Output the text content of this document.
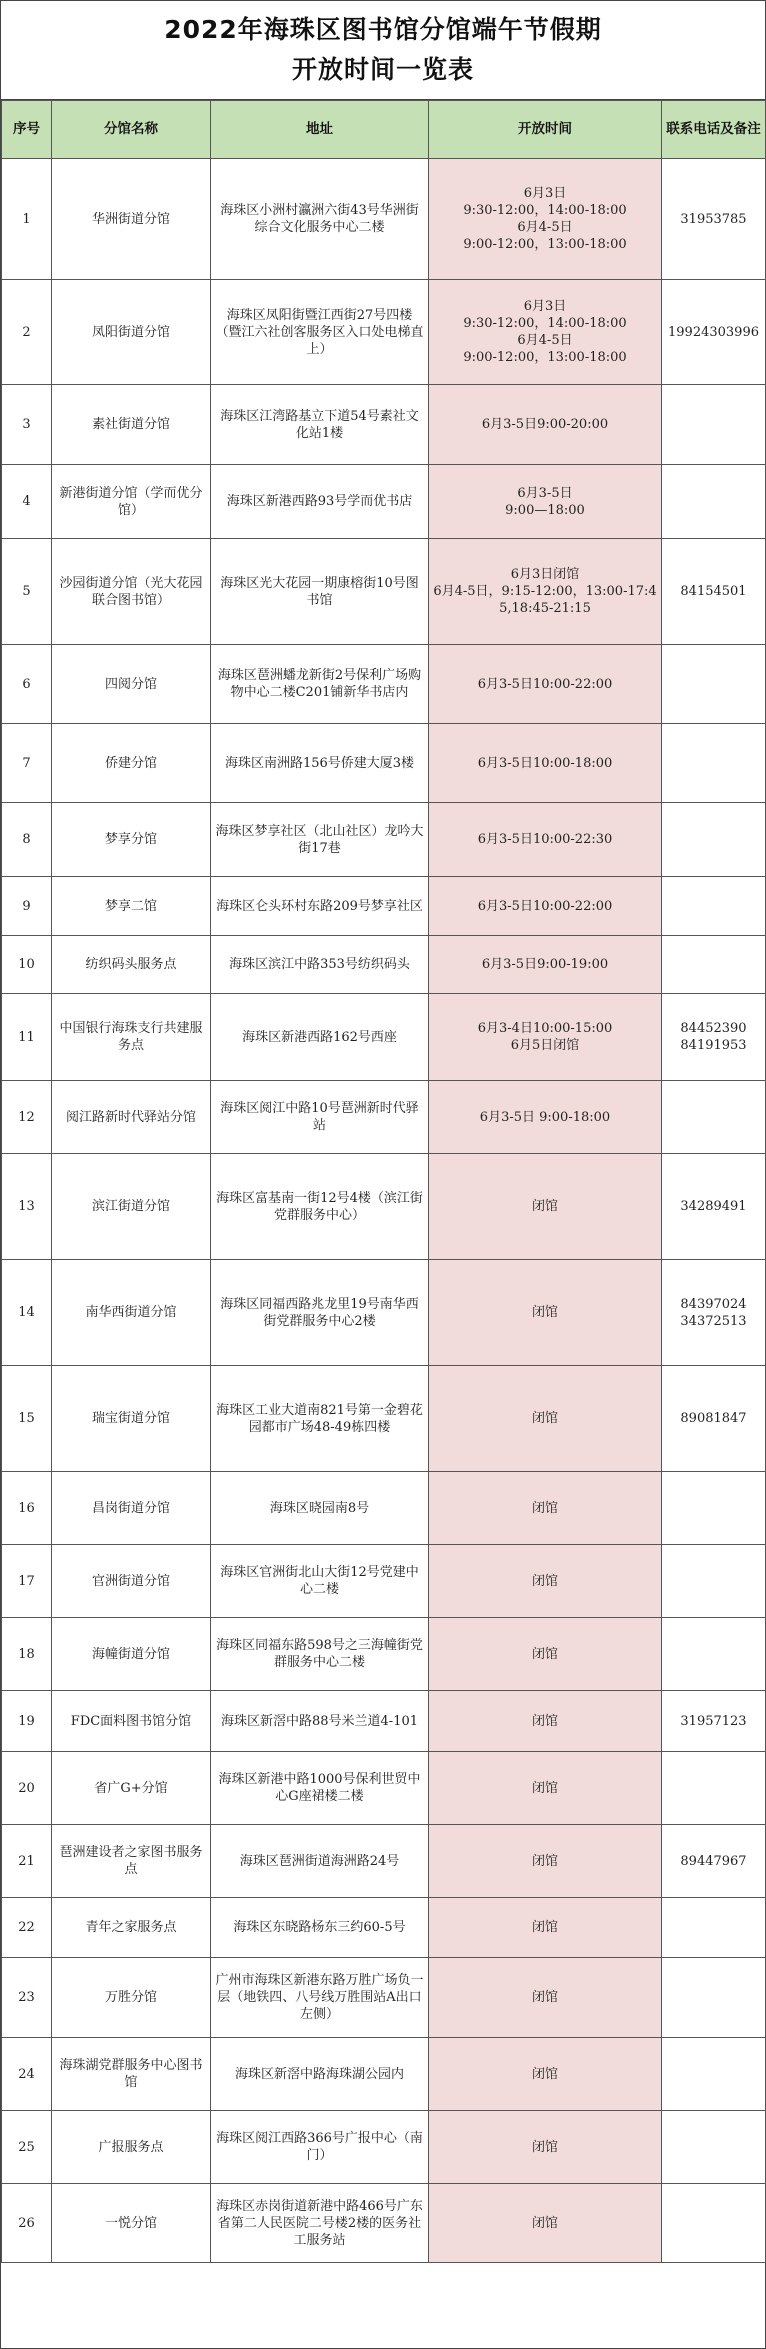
2022年海珠区图书馆分馆端午节假期
开放时间一览表
序号	分馆名称	地址	开放时间	联系电话及备注
1	华洲街道分馆	海珠区小洲村瀛洲六街43号华洲街综合文化服务中心二楼	6月3日
9:30-12:00，14:00-18:00
6月4-5日
9:00-12:00，13:00-18:00	31953785
2	凤阳街道分馆	海珠区凤阳街暨江西街27号四楼（暨江六社创客服务区入口处电梯直上）	6月3日
9:30-12:00，14:00-18:00
6月4-5日
9:00-12:00，13:00-18:00	19924303996
3	素社街道分馆	海珠区江湾路基立下道54号素社文化站1楼	6月3-5日9:00-20:00	
4	新港街道分馆（学而优分馆）	海珠区新港西路93号学而优书店	6月3-5日
9:00—18:00	
5	沙园街道分馆（光大花园联合图书馆）	海珠区光大花园一期康榕街10号图书馆	6月3日闭馆
6月4-5日，9:15-12:00，13:00-17:45,18:45-21:15	84154501
6	四阅分馆	海珠区琶洲蟠龙新街2号保利广场购物中心二楼C201铺新华书店内	6月3-5日10:00-22:00	
7	侨建分馆	海珠区南洲路156号侨建大厦3楼	6月3-5日10:00-18:00	
8	梦享分馆	海珠区梦享社区（北山社区）龙吟大街17巷	6月3-5日10:00-22:30	
9	梦享二馆	海珠区仑头环村东路209号梦享社区	6月3-5日10:00-22:00	
10	纺织码头服务点	海珠区滨江中路353号纺织码头	6月3-5日9:00-19:00	
11	中国银行海珠支行共建服务点	海珠区新港西路162号西座	6月3-4日10:00-15:00
6月5日闭馆	84452390
84191953
12	阅江路新时代驿站分馆	海珠区阅江中路10号琶洲新时代驿站	6月3-5日 9:00-18:00	
13	滨江街道分馆	海珠区富基南一街12号4楼（滨江街党群服务中心）	闭馆	34289491
14	南华西街道分馆	海珠区同福西路兆龙里19号南华西街党群服务中心2楼	闭馆	84397024
34372513
15	瑞宝街道分馆	海珠区工业大道南821号第一金碧花园都市广场48-49栋四楼	闭馆	89081847
16	昌岗街道分馆	海珠区晓园南8号	闭馆	
17	官洲街道分馆	海珠区官洲街北山大街12号党建中心二楼	闭馆	
18	海幢街道分馆	海珠区同福东路598号之三海幢街党群服务中心二楼	闭馆	
19	FDC面料图书馆分馆	海珠区新滘中路88号米兰道4-101	闭馆	31957123
20	省广G+分馆	海珠区新港中路1000号保利世贸中心G座裙楼二楼	闭馆	
21	琶洲建设者之家图书服务点	海珠区琶洲街道海洲路24号	闭馆	89447967
22	青年之家服务点	海珠区东晓路杨东三约60-5号	闭馆	
23	万胜分馆	广州市海珠区新港东路万胜广场负一层（地铁四、八号线万胜围站A出口左侧）	闭馆	
24	海珠湖党群服务中心图书馆	海珠区新滘中路海珠湖公园内	闭馆	
25	广报服务点	海珠区阅江西路366号广报中心（南门）	闭馆	
26	一悦分馆	海珠区赤岗街道新港中路466号广东省第二人民医院二号楼2楼的医务社工服务站	闭馆	
